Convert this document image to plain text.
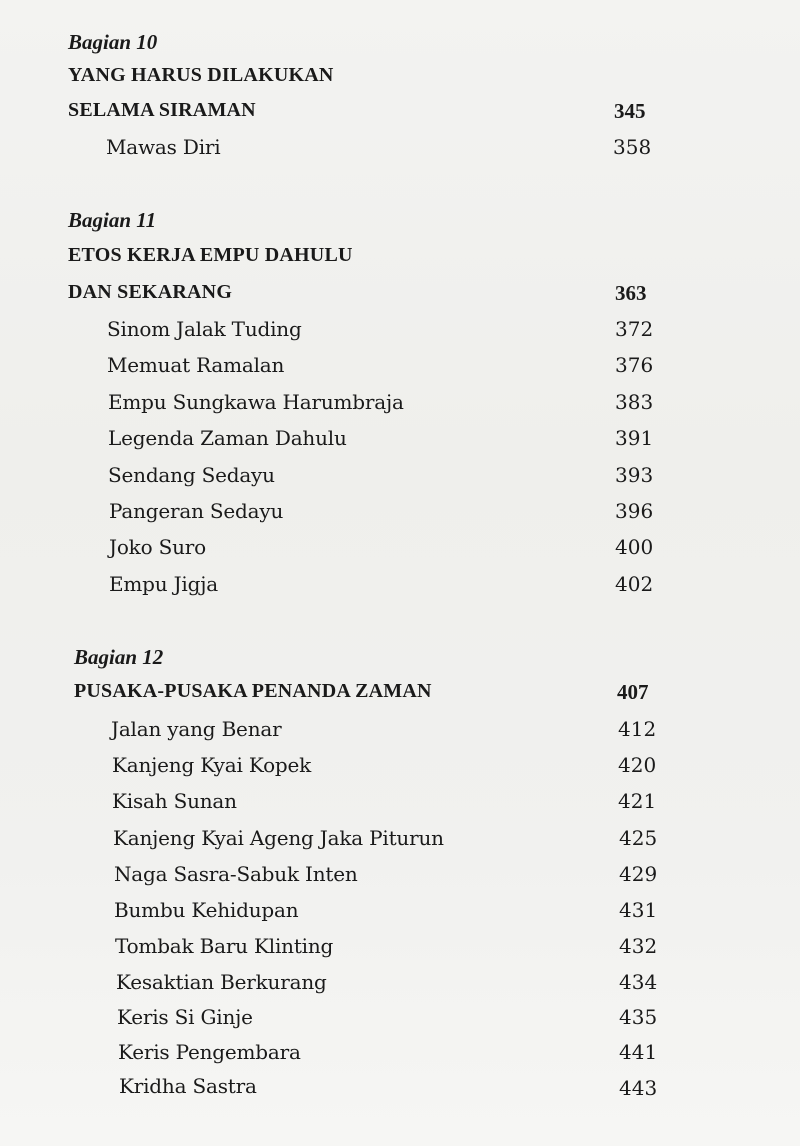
Bagian 10
YANG HARUS DILAKUKAN
SELAMA SIRAMAN	345
Mawas Diri	358
Bagian 11
ETOS KERJA EMPU DAHULU
DAN SEKARANG	363
Sinom Jalak Tuding	372
Memuat Ramalan	376
Empu Sungkawa Harumbraja	383
Legenda Zaman Dahulu	391
Sendang Sedayu	393
Pangeran Sedayu	396
Joko Suro	400
Empu Jigja	402
Bagian 12
PUSAKA-PUSAKA PENANDA ZAMAN	407
Jalan yang Benar	412
Kanjeng Kyai Kopek	420
Kisah Sunan	421
Kanjeng Kyai Ageng Jaka Piturun	425
Naga Sasra-Sabuk Inten	429
Bumbu Kehidupan	431
Tombak Baru Klinting	432
Kesaktian Berkurang	434
Keris Si Ginje	435
Keris Pengembara	441
Kridha Sastra	443
